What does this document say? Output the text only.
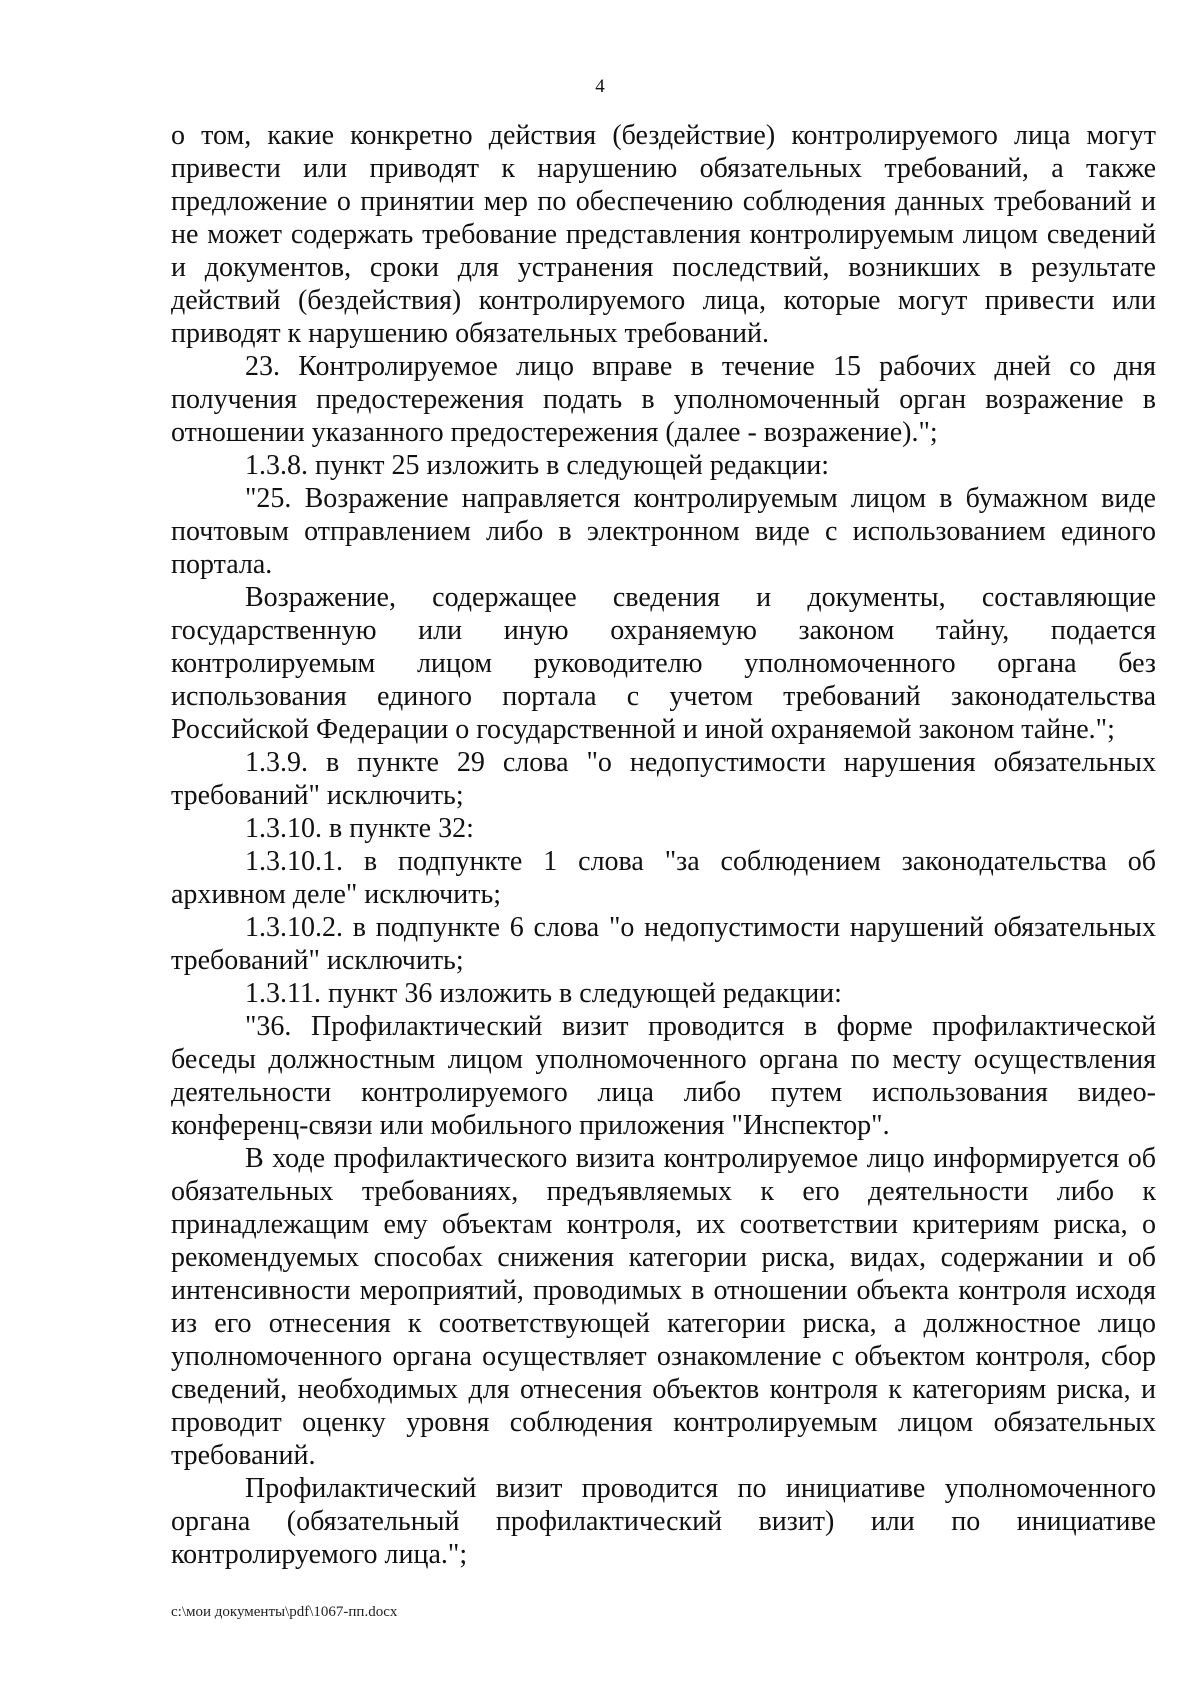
4

о том, какие конкретно действия (бездействие) контролируемого лица могут привести или приводят к нарушению обязательных требований, а также предложение о принятии мер по обеспечению соблюдения данных требований и не может содержать требование представления контролируемым лицом сведений и документов, сроки для устранения последствий, возникших в результате действий (бездействия) контролируемого лица, которые могут привести или приводят к нарушению обязательных требований.

23. Контролируемое лицо вправе в течение 15 рабочих дней со дня получения предостережения подать в уполномоченный орган возражение в отношении указанного предостережения (далее - возражение).";

1.3.8. пункт 25 изложить в следующей редакции:

"25. Возражение направляется контролируемым лицом в бумажном виде почтовым отправлением либо в электронном виде с использованием единого портала.

Возражение, содержащее сведения и документы, составляющие государственную или иную охраняемую законом тайну, подается контролируемым лицом руководителю уполномоченного органа без использования единого портала с учетом требований законодательства Российской Федерации о государственной и иной охраняемой законом тайне.";

1.3.9. в пункте 29 слова "о недопустимости нарушения обязательных требований" исключить;

1.3.10. в пункте 32:

1.3.10.1. в подпункте 1 слова "за соблюдением законодательства об архивном деле" исключить;

1.3.10.2. в подпункте 6 слова "о недопустимости нарушений обязательных требований" исключить;

1.3.11. пункт 36 изложить в следующей редакции:

"36. Профилактический визит проводится в форме профилактической беседы должностным лицом уполномоченного органа по месту осуществления деятельности контролируемого лица либо путем использования видео-конференц-связи или мобильного приложения "Инспектор".

В ходе профилактического визита контролируемое лицо информируется об обязательных требованиях, предъявляемых к его деятельности либо к принадлежащим ему объектам контроля, их соответствии критериям риска, о рекомендуемых способах снижения категории риска, видах, содержании и об интенсивности мероприятий, проводимых в отношении объекта контроля исходя из его отнесения к соответствующей категории риска, а должностное лицо уполномоченного органа осуществляет ознакомление с объектом контроля, сбор сведений, необходимых для отнесения объектов контроля к категориям риска, и проводит оценку уровня соблюдения контролируемым лицом обязательных требований.

Профилактический визит проводится по инициативе уполномоченного органа (обязательный профилактический визит) или по инициативе контролируемого лица.";

c:\мои документы\pdf\1067-пп.docx
